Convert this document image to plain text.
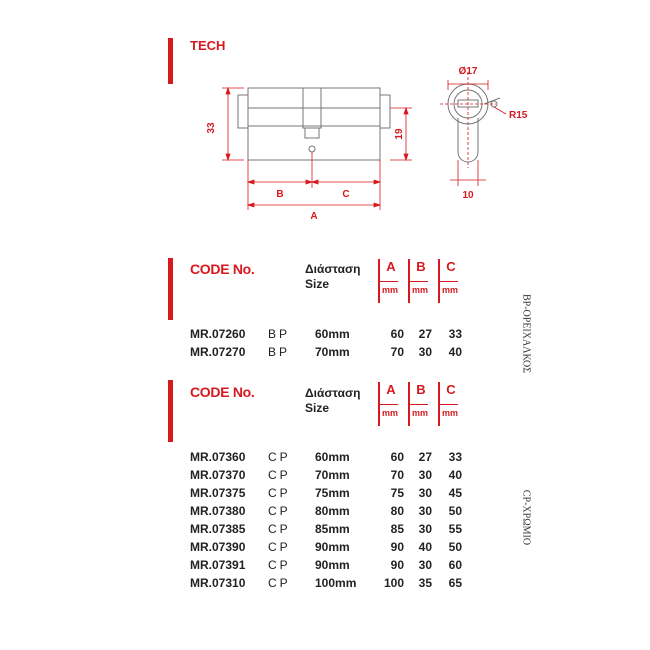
TECH
33
19
B	C
A
Ø17
R15
10
CODE No.	Διάσταση
Size
A
mm
B
mm
C
mm
MR.07260 BP 60mm	60	27	33
MR.07270 BP 70mm	70	30	40	BP-ΟΡΕΙΧΑΛΚΟΣ
CODE No.	Διάσταση
Size
A
mm
B
mm
C
mm
MR.07360 CP 60mm	60	27	33
MR.07370 CP 70mm	70	30	40
MR.07375 CP 75mm	75	30	45
MR.07380 CP 80mm	80	30	50
MR.07385 CP 85mm	85	30	55
MR.07390 CP 90mm	90	40	50
MR.07391 CP 90mm	90	30	60
MR.07310 CP 100mm	100	35	65
CP-ΧΡΩΜΙΟ
